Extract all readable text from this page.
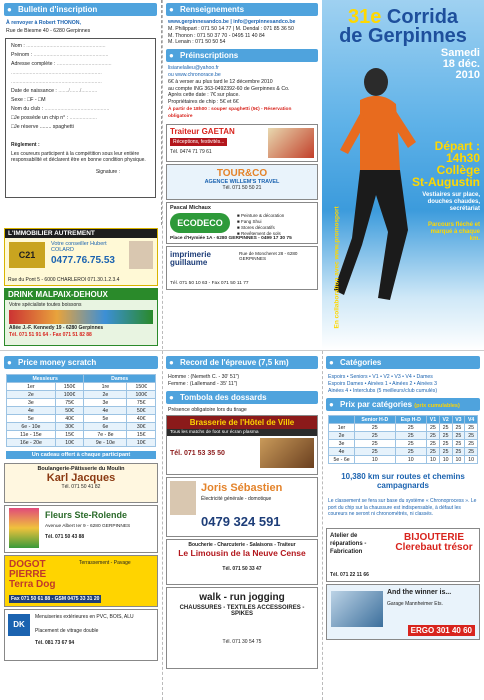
● Bulletin d'inscription
À renvoyer à Robert THONON,
Rue de Biesme 40 - 6280 Gerpinnes
Nom : .......................................................
Prénom : ....................................................
Adresse complète : ......................................
...............................................................
...............................................................
Date de naissance : ......./......./...........
Sexe : □F - □M
Nom du club : .............................................
□Je possède un chip n° : ...................
□Je réserve ........ spaghetti
Règlement :
Les coureurs participent à la compétition sous leur entière responsabilité et déclarent être en bonne condition physique.
Signature :
L'IMMOBILIER AUTREMENT
C21
Votre conseiller Hubert COLARD
0477.76.75.53
Rue du Pont 5 - 6000 CHARLEROI 071.30.1.2.3.4
DRINK MALPAIX-DEHOUX
Votre spécialiste toutes boissons
Allée J.-F. Kennedy 19 - 6280 Gerpinnes
Tél. 071 51 91 64 - Fax 071 51 82 88
● Renseignements
www.gerpinnesandco.be | info@gerpinnesandco.be
M. Philippart : 071 50 14 77 | M. Dendal : 071 85 36 50
M. Thonon : 071 50 37 70 - 0495 11 40 84
M. Lenain : 071 50 50 54
● Préinscriptions
lisianelalieu@yahoo.fr
ou www.chronorace.be
6€ à verser au plus tard le 12 décembre 2010
au compte ING 363-0492392-60 de Gerpinnes & Co.
Après cette date : 7€ sur place.
Propriétaires de chip : 5€ et 6€
À partir de 18h00 : souper spaghetti (5€) - Réservation obligatoire
Traiteur GAETAN
Réceptions, festivités...
Tél. 0474 71 79 61
TOUR&CO
AGENCE WILLEM'S TRAVEL
Tél. 071 50 50 21
Pascal Michaux
ECODECO
■ Peinture & décoration
■ Fang Shui
■ Stores décoratifs
■ Revêtement de sols
Place d'Hymiée 1A - 6280 GERPINNES - 0499 17 30 75
imprimerie guillaume
Rue de Moncheret 28 - 6280 GERPINNES
Tél. 071 50 10 63 - Fax 071 50 11 77
31e Corrida
de Gerpinnes
Samedi
18 déc.
2010
Départ :
14h30
Collège
St-Augustin
Vestiaires sur place, douches chaudes, secrétariat
Parcours fléché et marqué à chaque km.
En collaboration avec www.promosport
● Price money scratch
Messieurs		Dames	
1er	150€	1re	150€
2e	100€	2e	100€
3e	75€	3e	75€
4e	50€	4e	50€
5e	40€	5e	40€
6e - 10e	30€	6e	30€
11e - 15e	15€	7e - 8e	15€
16e - 20e	10€	9e - 10e	10€
Un cadeau offert à chaque participant
Boulangerie-Pâtisserie du Moulin
Karl Jacques
Tél. 071 50 41 82
Fleurs Ste-Rolende
Avenue Albert Ier 9 - 6280 GERPINNES
Tél. 071 50 43 88
DOGOT PIERRE Terra Dog
Terrassement - Pavage
Fax 071 50 61 88 - GSM 0475 33 31 20
DK
Menuiseries extérieures en PVC, BOIS, ALU
Placement de vitrage double
Tél. 081 73 67 94
● Record de l'épreuve (7,5 km)
Homme : (Nemeth C. - 30' 51")
Femme : (Lallemand - 35' 11")
● Tombola des dossards
Présence obligatoire lors du tirage
Brasserie de l'Hôtel de Ville
Tous les matchs de foot sur écran plasma
Tél. 071 53 35 50
Joris Sébastien
Électricité générale - domotique
0479 324 591
Boucherie - Charcuterie - Salaisons - Traiteur
Le Limousin de la Neuve Cense
Tél. 071 50 33 47
walk - run jogging
CHAUSSURES - TEXTILES ACCESSOIRES - SPIKES
Tél. 071 30 54 75
● Catégories
Espoirs • Seniors • V1 • V2 • V3 • V4 • Dames
Espoirs Dames • Ainées 1 • Ainées 2 • Ainées 3
Ainées 4 • Interclubs (5 meilleurs/club cumulés)
● Prix par catégories (prix cumulables)
	Senior H-D	Esp H-D	V1	V2	V3	V4
1er	25	25	25	25	25	25
2e	25	25	25	25	25	25
3e	25	25	25	25	25	25
4e	25	25	25	25	25	25
5e - 6e	10	10	10	10	10	10
10,380 km sur routes et chemins campagnards
Le classement se fera sur base du système « Chronoprocess ». Le port du chip sur la chaussure est indispensable, à défaut les coureurs ne seront ni chronométrés, ni classés.
Atelier de réparations - Fabrication
BIJOUTERIE Clerebaut trésor
Tél. 071 22 11 66
And the winner is...
Garage Mannheimer Ets.
ERGO 301 40 60
